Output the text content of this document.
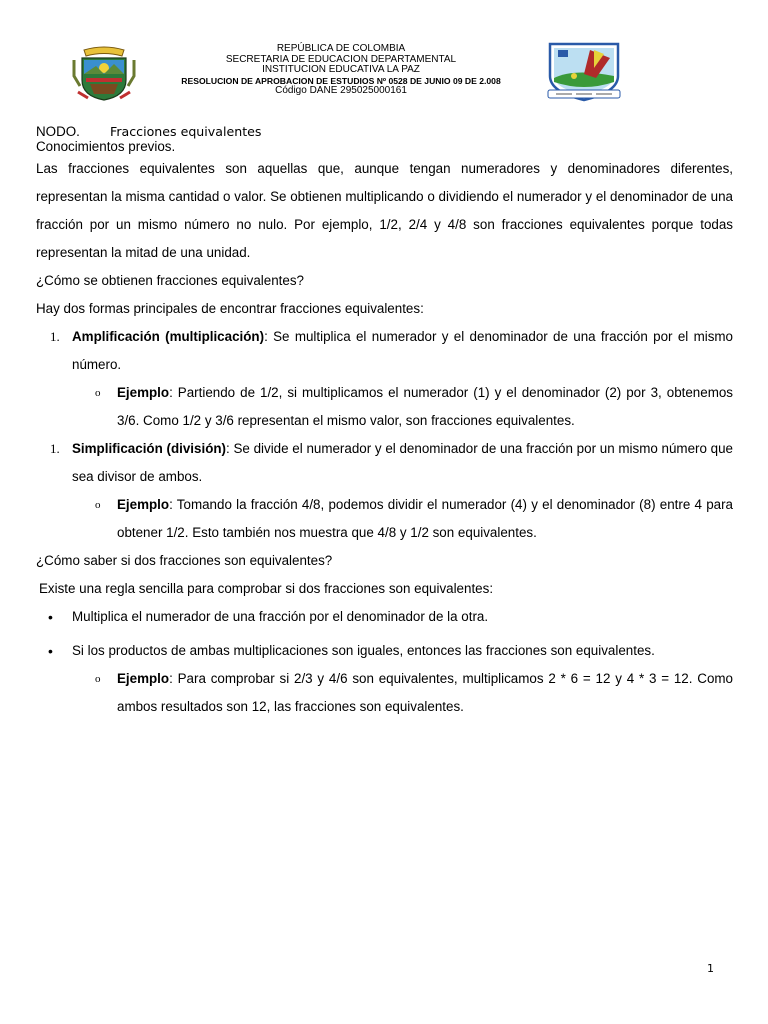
REPÚBLICA DE COLOMBIA
SECRETARIA DE EDUCACION DEPARTAMENTAL
INSTITUCION EDUCATIVA LA PAZ
RESOLUCION DE APROBACION DE ESTUDIOS Nº 0528 DE JUNIO 09 DE 2.008
Código DANE 295025000161
NODO. Fracciones equivalentes
Conocimientos previos.
Las fracciones equivalentes son aquellas que, aunque tengan numeradores y denominadores diferentes, representan la misma cantidad o valor. Se obtienen multiplicando o dividiendo el numerador y el denominador de una fracción por un mismo número no nulo. Por ejemplo, 1/2, 2/4 y 4/8 son fracciones equivalentes porque todas representan la mitad de una unidad.
¿Cómo se obtienen fracciones equivalentes?
Hay dos formas principales de encontrar fracciones equivalentes:
1. Amplificación (multiplicación): Se multiplica el numerador y el denominador de una fracción por el mismo número.
o Ejemplo: Partiendo de 1/2, si multiplicamos el numerador (1) y el denominador (2) por 3, obtenemos 3/6. Como 1/2 y 3/6 representan el mismo valor, son fracciones equivalentes.
1. Simplificación (división): Se divide el numerador y el denominador de una fracción por un mismo número que sea divisor de ambos.
o Ejemplo: Tomando la fracción 4/8, podemos dividir el numerador (4) y el denominador (8) entre 4 para obtener 1/2. Esto también nos muestra que 4/8 y 1/2 son equivalentes.
¿Cómo saber si dos fracciones son equivalentes?
Existe una regla sencilla para comprobar si dos fracciones son equivalentes:
• Multiplica el numerador de una fracción por el denominador de la otra.
• Si los productos de ambas multiplicaciones son iguales, entonces las fracciones son equivalentes.
o Ejemplo: Para comprobar si 2/3 y 4/6 son equivalentes, multiplicamos 2 * 6 = 12 y 4 * 3 = 12. Como ambos resultados son 12, las fracciones son equivalentes.
1
